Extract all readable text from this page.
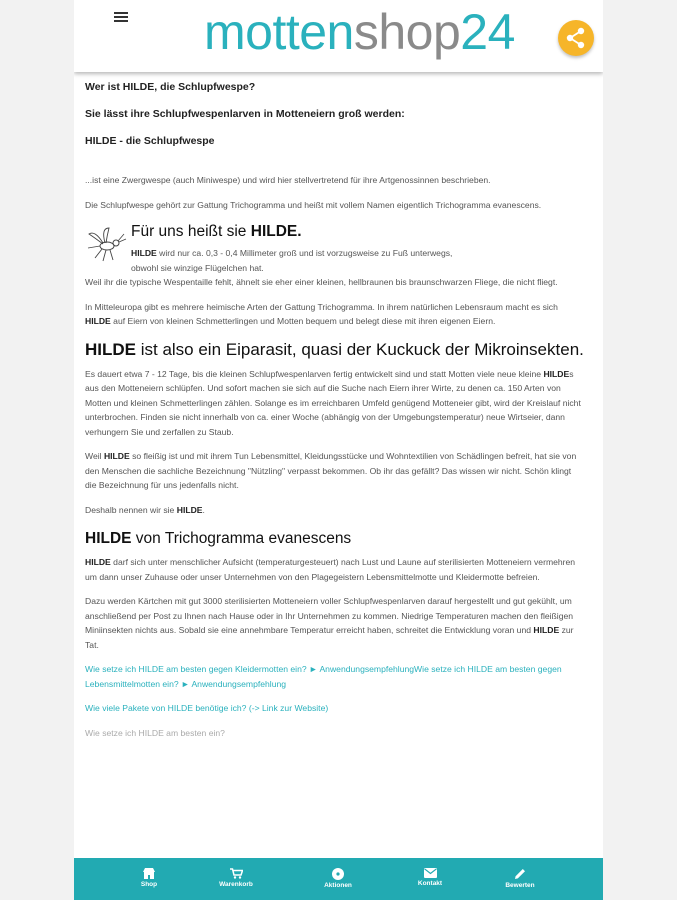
mottenshop24
Wer ist HILDE, die Schlupfwespe?
Sie lässt ihre Schlupfwespenlarven in Motteneiern groß werden:
HILDE - die Schlupfwespe

...ist eine Zwergwespe (auch Miniwespe) und wird hier stellvertretend für ihre Artgenossinnen beschrieben.

Die Schlupfwespe gehört zur Gattung Trichogramma und heißt mit vollem Namen eigentlich Trichogramma evanescens.

Für uns heißt sie HILDE.
HILDE wird nur ca. 0,3 - 0,4 Millimeter groß und ist vorzugsweise zu Fuß unterwegs,
obwohl sie winzige Flügelchen hat.

Weil ihr die typische Wespentaille fehlt, ähnelt sie eher einer kleinen, hellbraunen bis braunschwarzen Fliege, die nicht fliegt.

In Mitteleuropa gibt es mehrere heimische Arten der Gattung Trichogramma. In ihrem natürlichen Lebensraum macht es sich HILDE auf Eiern von kleinen Schmetterlingen und Motten bequem und belegt diese mit ihren eigenen Eiern.

HILDE ist also ein Eiparasit, quasi der Kuckuck der Mikroinsekten.

Es dauert etwa 7 - 12 Tage, bis die kleinen Schlupfwespenlarven fertig entwickelt sind und statt Motten viele neue kleine HILDEs aus den Motteneiern schlüpfen. Und sofort machen sie sich auf die Suche nach Eiern ihrer Wirte, zu denen ca. 150 Arten von Motten und kleinen Schmetterlingen zählen. Solange es im erreichbaren Umfeld genügend Motteneier gibt, wird der Kreislauf nicht unterbrochen. Finden sie nicht innerhalb von ca. einer Woche (abhängig von der Umgebungstemperatur) neue Wirtseier, dann verhungern Sie und zerfallen zu Staub.

Weil HILDE so fleißig ist und mit ihrem Tun Lebensmittel, Kleidungsstücke und Wohntextilien von Schädlingen befreit, hat sie von den Menschen die sachliche Bezeichnung "Nützling" verpasst bekommen. Ob ihr das gefällt? Das wissen wir nicht. Schön klingt die Bezeichnung für uns jedenfalls nicht.

Deshalb nennen wir sie HILDE.

HILDE von Trichogramma evanescens

HILDE darf sich unter menschlicher Aufsicht (temperaturgesteuert) nach Lust und Laune auf sterilisierten Motteneiern vermehren um dann unser Zuhause oder unser Unternehmen von den Plagegeistern Lebensmittelmotte und Kleidermotte befreien.

Dazu werden Kärtchen mit gut 3000 sterilisierten Motteneiern voller Schlupfwespenlarven darauf hergestellt und gut gekühlt, um anschließend per Post zu Ihnen nach Hause oder in Ihr Unternehmen zu kommen. Niedrige Temperaturen machen den fleißigen Miniinsekten nichts aus. Sobald sie eine annehmbare Temperatur erreicht haben, schreitet die Entwicklung voran und HILDE zur Tat.

Wie setze ich HILDE am besten gegen Kleidermotten ein? ► AnwendungsempfehlungWie setze ich HILDE am besten gegen Lebensmittelmotten ein? ► Anwendungsempfehlung

Wie viele Pakete von HILDE benötige ich? (-> Link zur Website)

Wie setze ich HILDE am besten ein?

Shop	Warenkorb	Aktionen	Kontakt	Bewerten
